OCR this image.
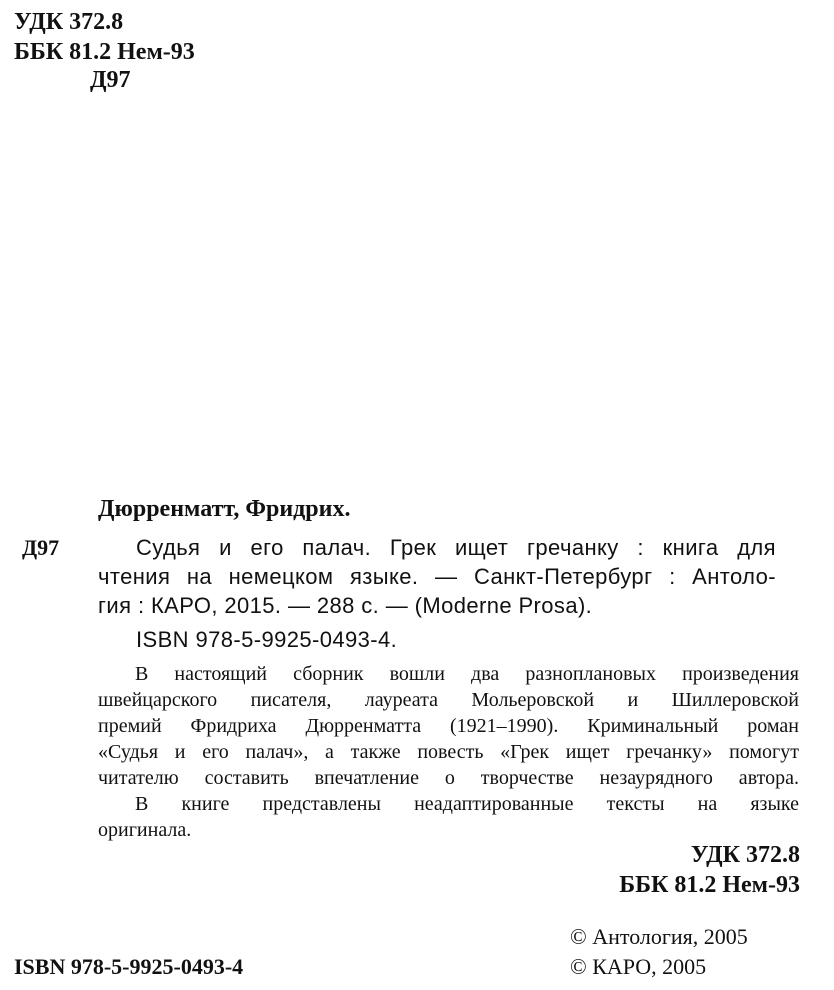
УДК 372.8
ББК 81.2 Нем-93
Д97
Дюрренматт, Фридрих.
Д97	Судья и его палач. Грек ищет гречанку : книга для
чтения на немецком языке. — Санкт-Петербург : Антоло-
гия : КАРО, 2015. — 288 с. — (Moderne Prosa).
ISBN 978-5-9925-0493-4.
В настоящий сборник вошли два разноплановых произведения
швейцарского писателя, лауреата Мольеровской и Шиллеровской
премий Фридриха Дюрренматта (1921–1990). Криминальный роман
«Судья и его палач», а также повесть «Грек ищет гречанку» помогут
читателю составить впечатление о творчестве незаурядного автора.
В книге представлены неадаптированные тексты на языке
оригинала.
УДК 372.8
ББК 81.2 Нем-93
© Антология, 2005
© КАРО, 2005
ISBN 978-5-9925-0493-4
